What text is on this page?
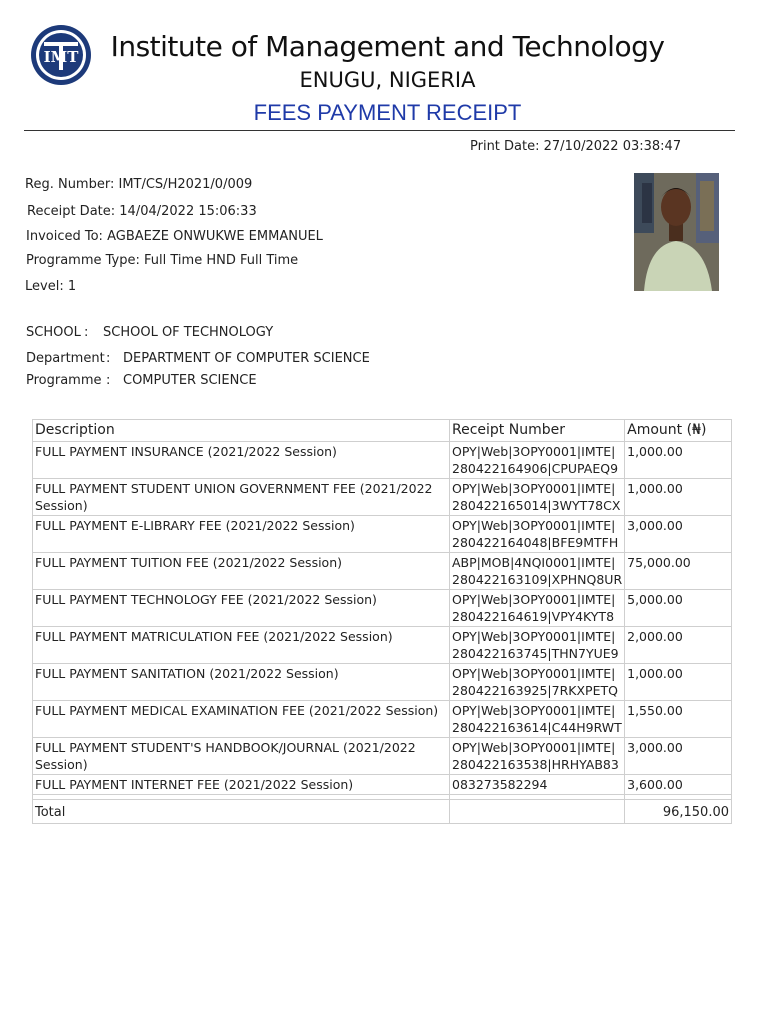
IMT	Institute of Management and Technology
ENUGU, NIGERIA
FEES PAYMENT RECEIPT
Print Date: 27/10/2022 03:38:47
Reg. Number: IMT/CS/H2021/0/009
Receipt Date: 14/04/2022 15:06:33
Invoiced To: AGBAEZE ONWUKWE EMMANUEL
Programme Type: Full Time HND Full Time
Level: 1
SCHOOL : SCHOOL OF TECHNOLOGY
Department: DEPARTMENT OF COMPUTER SCIENCE
Programme : COMPUTER SCIENCE
Description	Receipt Number	Amount (₦)
FULL PAYMENT INSURANCE (2021/2022 Session)	OPY|Web|3OPY0001|IMTE|
280422164906|CPUPAEQ9	1,000.00
FULL PAYMENT STUDENT UNION GOVERNMENT FEE (2021/2022 Session)	OPY|Web|3OPY0001|IMTE|
280422165014|3WYT78CX	1,000.00
FULL PAYMENT E-LIBRARY FEE (2021/2022 Session)	OPY|Web|3OPY0001|IMTE|
280422164048|BFE9MTFH	3,000.00
FULL PAYMENT TUITION FEE (2021/2022 Session)	ABP|MOB|4NQI0001|IMTE|
280422163109|XPHNQ8UR	75,000.00
FULL PAYMENT TECHNOLOGY FEE (2021/2022 Session)	OPY|Web|3OPY0001|IMTE|
280422164619|VPY4KYT8	5,000.00
FULL PAYMENT MATRICULATION FEE (2021/2022 Session)	OPY|Web|3OPY0001|IMTE|
280422163745|THN7YUE9	2,000.00
FULL PAYMENT SANITATION (2021/2022 Session)	OPY|Web|3OPY0001|IMTE|
280422163925|7RKXPETQ	1,000.00
FULL PAYMENT MEDICAL EXAMINATION FEE (2021/2022 Session)	OPY|Web|3OPY0001|IMTE|
280422163614|C44H9RWT	1,550.00
FULL PAYMENT STUDENT'S HANDBOOK/JOURNAL (2021/2022 Session)	OPY|Web|3OPY0001|IMTE|
280422163538|HRHYAB83	3,000.00
FULL PAYMENT INTERNET FEE (2021/2022 Session)	083273582294	3,600.00

Total		96,150.00
